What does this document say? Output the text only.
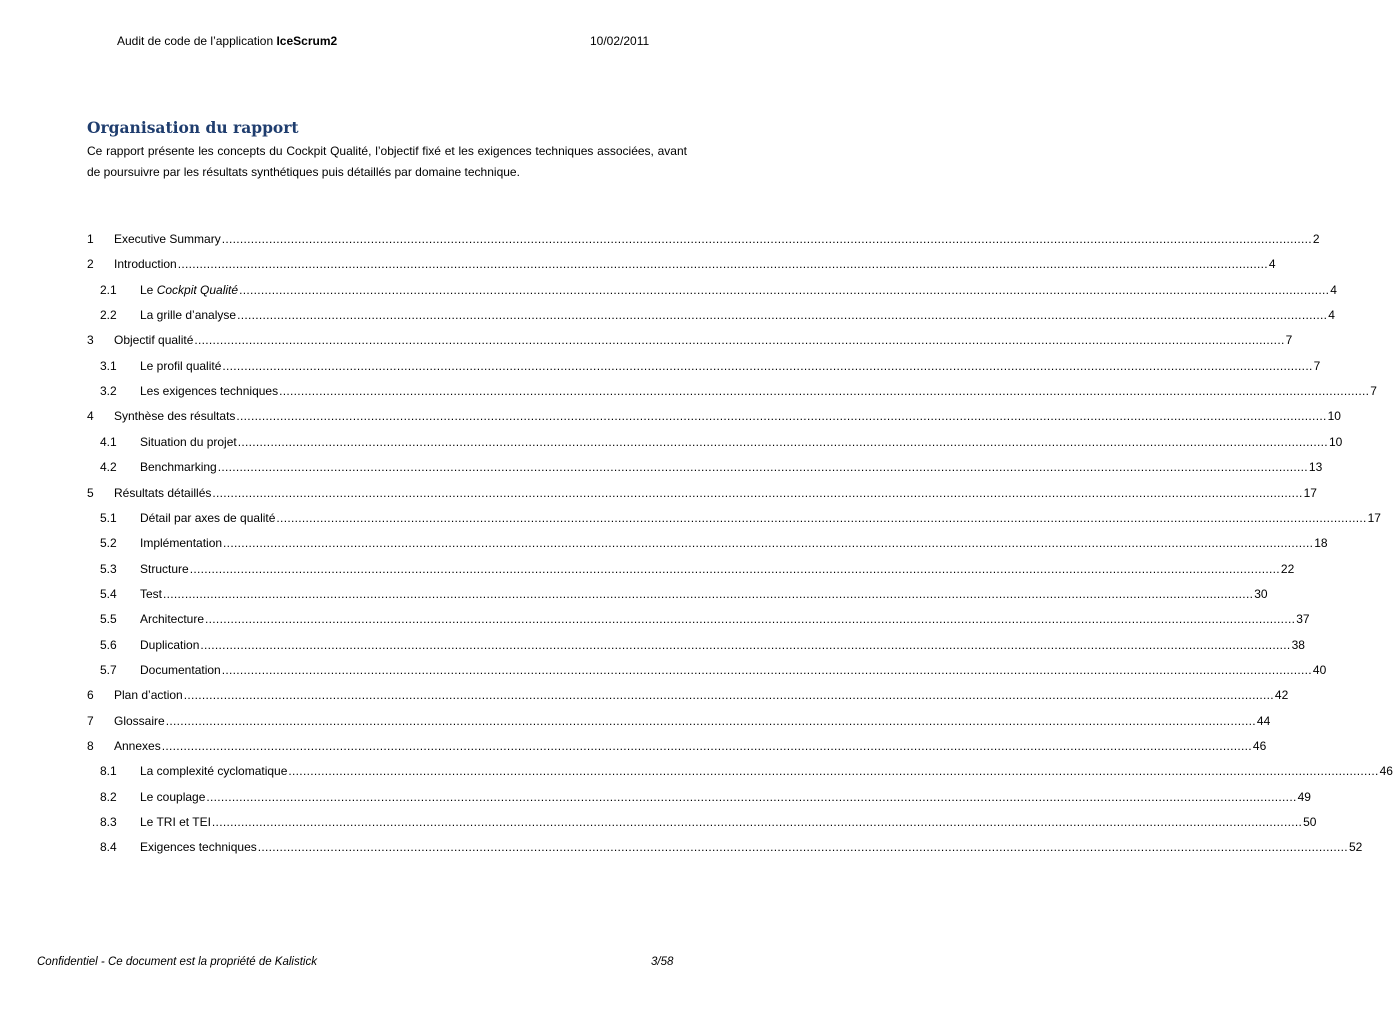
Audit de code de l’application IceScrum2	10/02/2011
Organisation du rapport
Ce rapport présente les concepts du Cockpit Qualité, l’objectif fixé et les exigences techniques associées, avant de poursuivre par les résultats synthétiques puis détaillés par domaine technique.
1	Executive Summary ............................................................................................................................................................................................................................................................................................................ 2
2	Introduction ............................................................................................................................................................................................................................................................................................................ 4
2.1	Le Cockpit Qualité ............................................................................................................................................................................................................................................................................................................ 4
2.2	La grille d’analyse ............................................................................................................................................................................................................................................................................................................ 4
3	Objectif qualité ............................................................................................................................................................................................................................................................................................................ 7
3.1	Le profil qualité ............................................................................................................................................................................................................................................................................................................ 7
3.2	Les exigences techniques ............................................................................................................................................................................................................................................................................................................ 7
4	Synthèse des résultats ............................................................................................................................................................................................................................................................................................................ 10
4.1	Situation du projet ............................................................................................................................................................................................................................................................................................................ 10
4.2	Benchmarking ............................................................................................................................................................................................................................................................................................................ 13
5	Résultats détaillés ............................................................................................................................................................................................................................................................................................................ 17
5.1	Détail par axes de qualité ............................................................................................................................................................................................................................................................................................................ 17
5.2	Implémentation ............................................................................................................................................................................................................................................................................................................ 18
5.3	Structure ............................................................................................................................................................................................................................................................................................................ 22
5.4	Test ............................................................................................................................................................................................................................................................................................................ 30
5.5	Architecture ............................................................................................................................................................................................................................................................................................................ 37
5.6	Duplication ............................................................................................................................................................................................................................................................................................................ 38
5.7	Documentation ............................................................................................................................................................................................................................................................................................................ 40
6	Plan d’action ............................................................................................................................................................................................................................................................................................................ 42
7	Glossaire ............................................................................................................................................................................................................................................................................................................ 44
8	Annexes ............................................................................................................................................................................................................................................................................................................ 46
8.1	La complexité cyclomatique ............................................................................................................................................................................................................................................................................................................ 46
8.2	Le couplage ............................................................................................................................................................................................................................................................................................................ 49
8.3	Le TRI et TEI ............................................................................................................................................................................................................................................................................................................ 50
8.4	Exigences techniques ............................................................................................................................................................................................................................................................................................................ 52
Confidentiel - Ce document est la propriété de Kalistick	3/58
